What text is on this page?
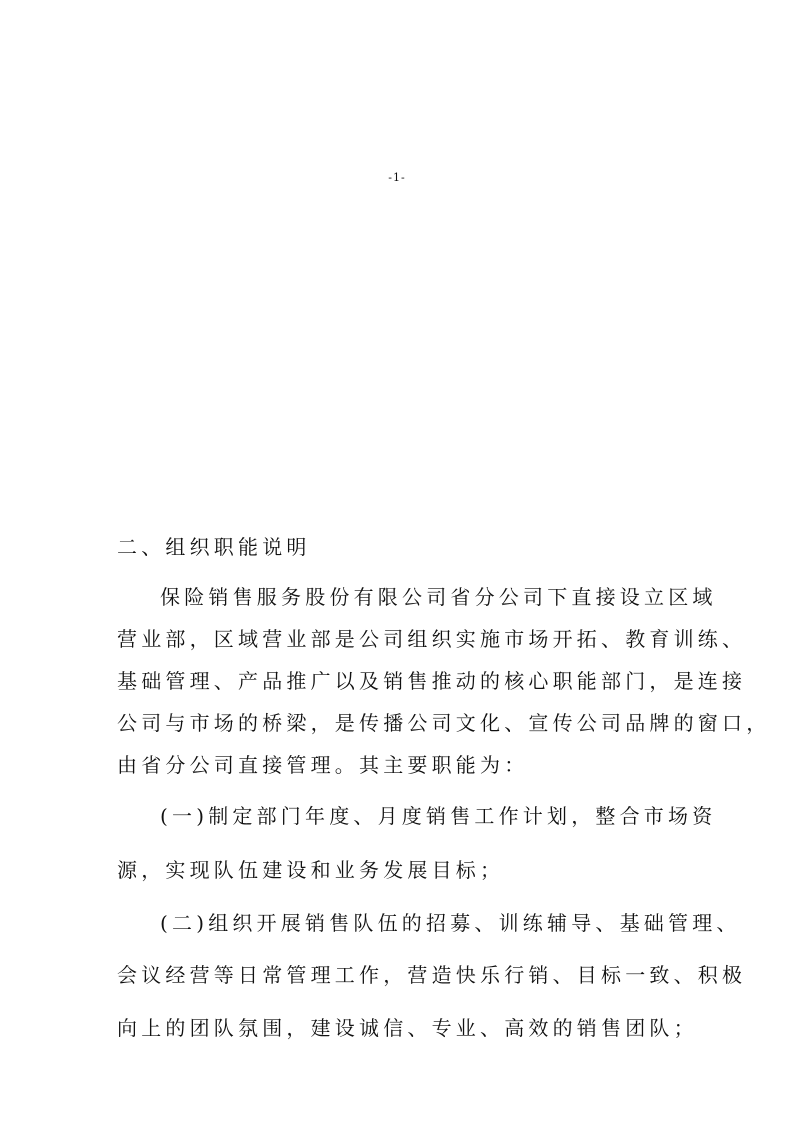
-1-
二、组织职能说明
保险销售服务股份有限公司省分公司下直接设立区域
营业部，区域营业部是公司组织实施市场开拓、教育训练、
基础管理、产品推广以及销售推动的核心职能部门，是连接
公司与市场的桥梁，是传播公司文化、宣传公司品牌的窗口，
由省分公司直接管理。其主要职能为：
(一)制定部门年度、月度销售工作计划，整合市场资
源，实现队伍建设和业务发展目标；
(二)组织开展销售队伍的招募、训练辅导、基础管理、
会议经营等日常管理工作，营造快乐行销、目标一致、积极
向上的团队氛围，建设诚信、专业、高效的销售团队；
